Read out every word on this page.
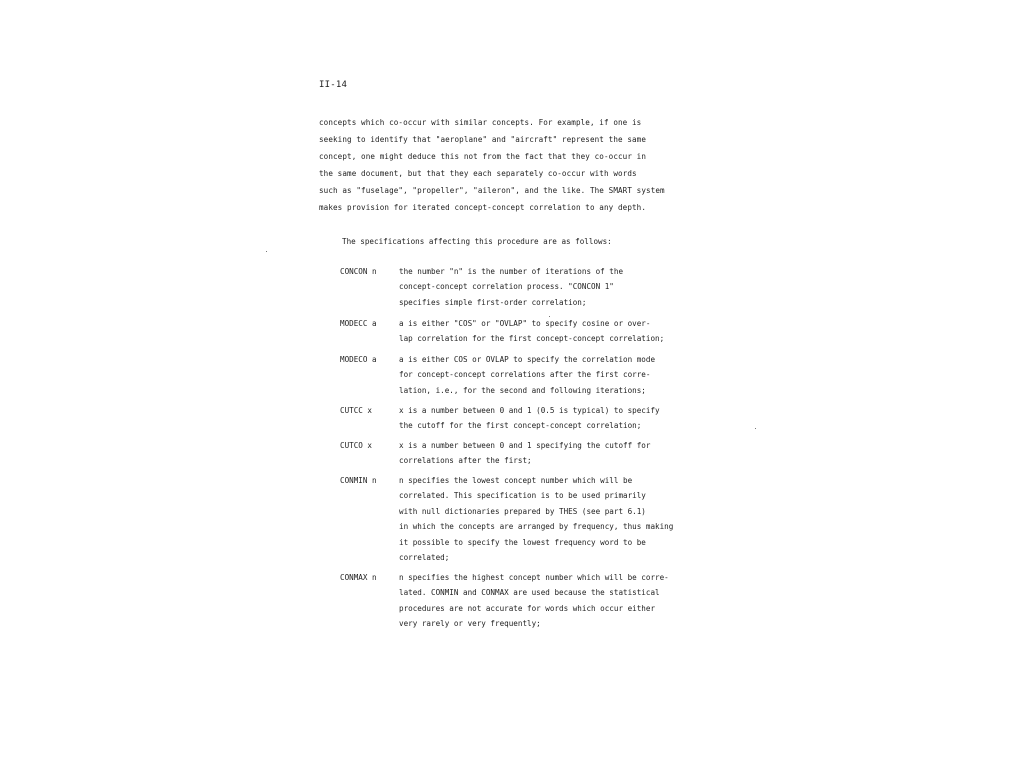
II-14
concepts which co-occur with similar concepts. For example, if one is
seeking to identify that "aeroplane" and "aircraft" represent the same
concept, one might deduce this not from the fact that they co-occur in
the same document, but that they each separately co-occur with words
such as "fuselage", "propeller", "aileron", and the like. The SMART system
makes provision for iterated concept-concept correlation to any depth.
The specifications affecting this procedure are as follows:
CONCON n	the number "n" is the number of iterations of the
concept-concept correlation process. "CONCON 1"
specifies simple first-order correlation;
MODECC a	a is either "COS" or "OVLAP" to specify cosine or over-
lap correlation for the first concept-concept correlation;
MODECO a	a is either COS or OVLAP to specify the correlation mode
for concept-concept correlations after the first corre-
lation, i.e., for the second and following iterations;
CUTCC x	x is a number between 0 and 1 (0.5 is typical) to specify
the cutoff for the first concept-concept correlation;
CUTCO x	x is a number between 0 and 1 specifying the cutoff for
correlations after the first;
CONMIN n	n specifies the lowest concept number which will be
correlated. This specification is to be used primarily
with null dictionaries prepared by THES (see part 6.1)
in which the concepts are arranged by frequency, thus making
it possible to specify the lowest frequency word to be
correlated;
CONMAX n	n specifies the highest concept number which will be corre-
lated. CONMIN and CONMAX are used because the statistical
procedures are not accurate for words which occur either
very rarely or very frequently;
